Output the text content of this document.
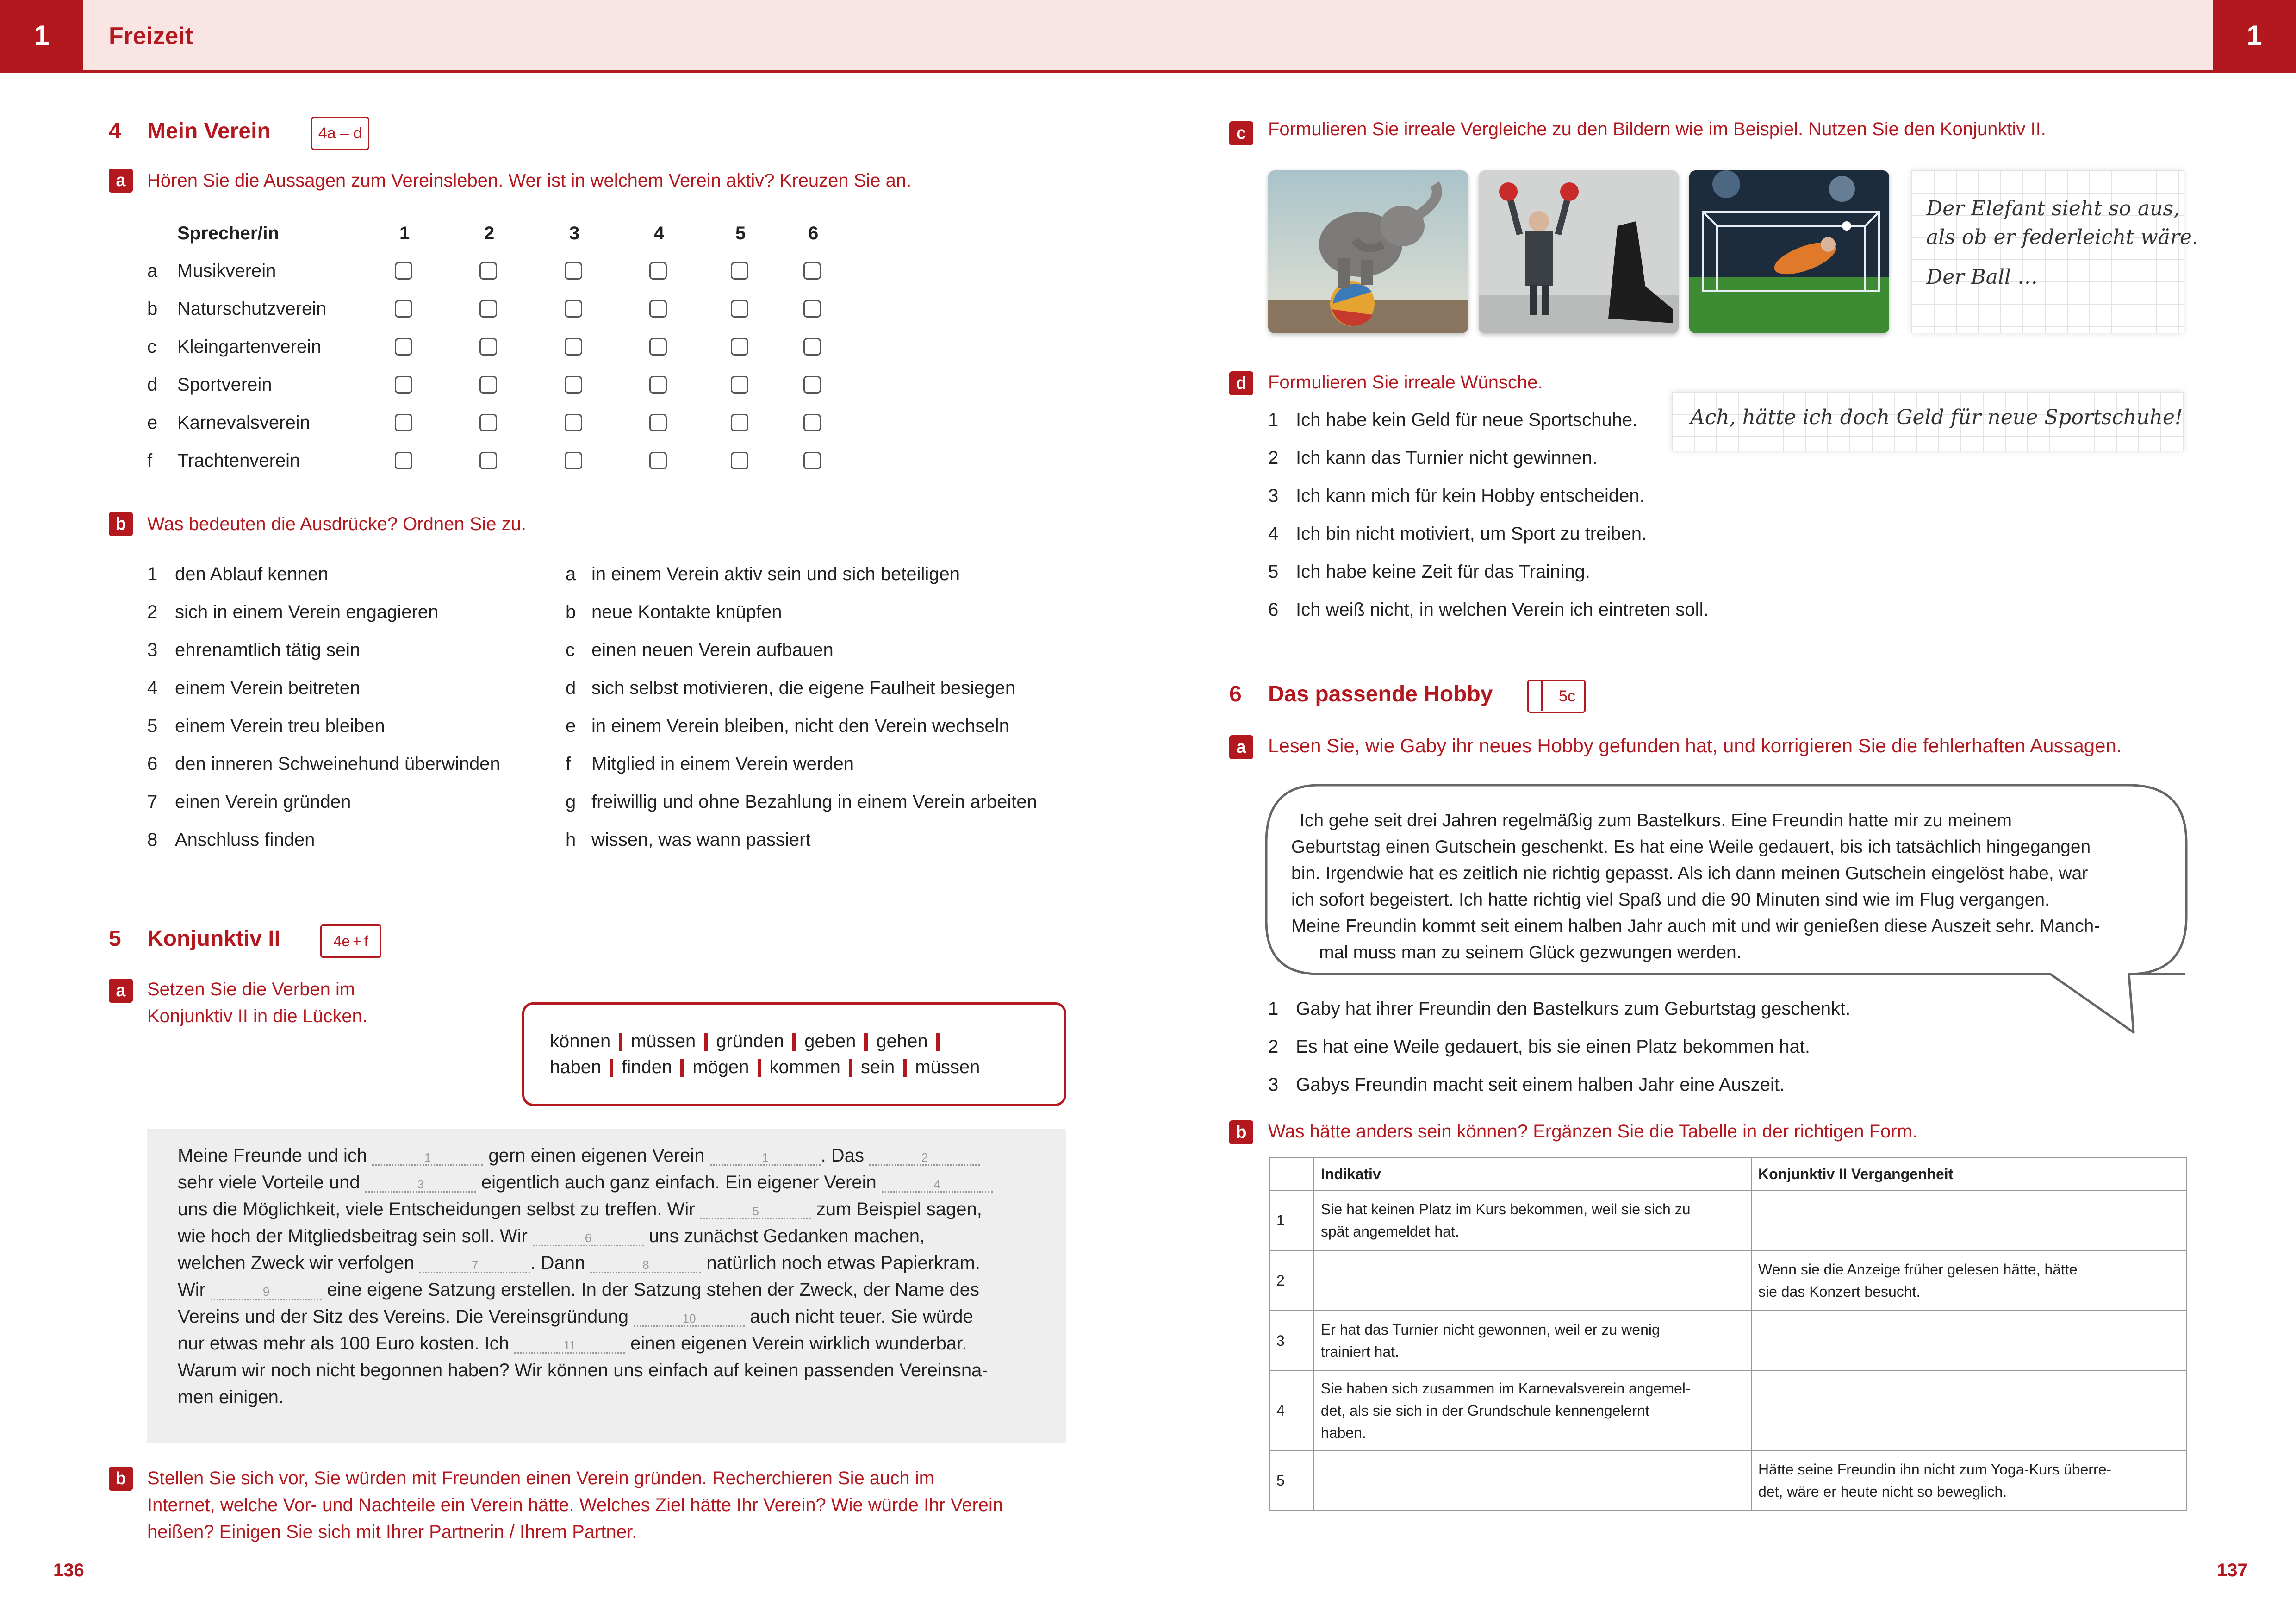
1	Freizeit	1
4 Mein Verein	4a – d
a	Hören Sie die Aussagen zum Vereinsleben. Wer ist in welchem Verein aktiv? Kreuzen Sie an.
Sprecher/in	1	2	3	4	5	6
a Musikverein
b Naturschutzverein
c Kleingartenverein
d Sportverein
e Karnevalsverein
f Trachtenverein
b	Was bedeuten die Ausdrücke? Ordnen Sie zu.
1 den Ablauf kennen
2 sich in einem Verein engagieren
3 ehrenamtlich tätig sein
4 einem Verein beitreten
5 einem Verein treu bleiben
6 den inneren Schweinehund überwinden
7 einen Verein gründen
8 Anschluss finden
a in einem Verein aktiv sein und sich beteiligen
b neue Kontakte knüpfen
c einen neuen Verein aufbauen
d sich selbst motivieren, die eigene Faulheit besiegen
e in einem Verein bleiben, nicht den Verein wechseln
f Mitglied in einem Verein werden
g freiwillig und ohne Bezahlung in einem Verein arbeiten
h wissen, was wann passiert
5 Konjunktiv II	4e + f
a	Setzen Sie die Verben im
Konjunktiv II in die Lücken.
können müssen gründen geben gehen
haben finden mögen kommen sein müssen
Meine Freunde und ich	1	gern einen eigenen Verein	1	. Das	2
sehr viele Vorteile und	3	eigentlich auch ganz einfach. Ein eigener Verein	4
uns die Möglichkeit, viele Entscheidungen selbst zu treffen. Wir	5	zum Beispiel sagen,
wie hoch der Mitgliedsbeitrag sein soll. Wir	6	uns zunächst Gedanken machen,
welchen Zweck wir verfolgen	7	. Dann	8	natürlich noch etwas Papierkram.
Wir	9	eine eigene Satzung erstellen. In der Satzung stehen der Zweck, der Name des
Vereins und der Sitz des Vereins. Die Vereinsgründung	10	auch nicht teuer. Sie würde
nur etwas mehr als 100 Euro kosten. Ich	11	einen eigenen Verein wirklich wunderbar.
Warum wir noch nicht begonnen haben? Wir können uns einfach auf keinen passenden Vereinsna-
men einigen.
b	Stellen Sie sich vor, Sie würden mit Freunden einen Verein gründen. Recherchieren Sie auch im
Internet, welche Vor- und Nachteile ein Verein hätte. Welches Ziel hätte Ihr Verein? Wie würde Ihr Verein
heißen? Einigen Sie sich mit Ihrer Partnerin / Ihrem Partner.
136
c	Formulieren Sie irreale Vergleiche zu den Bildern wie im Beispiel. Nutzen Sie den Konjunktiv II.
Der Elefant sieht so aus,
als ob er federleicht wäre.
Der Ball …
d	Formulieren Sie irreale Wünsche.
1 Ich habe kein Geld für neue Sportschuhe.
2 Ich kann das Turnier nicht gewinnen.
3 Ich kann mich für kein Hobby entscheiden.
4 Ich bin nicht motiviert, um Sport zu treiben.
5 Ich habe keine Zeit für das Training.
6 Ich weiß nicht, in welchen Verein ich eintreten soll.
Ach, hätte ich doch Geld für neue Sportschuhe!
6 Das passende Hobby	5c
a	Lesen Sie, wie Gaby ihr neues Hobby gefunden hat, und korrigieren Sie die fehlerhaften Aussagen.
Ich gehe seit drei Jahren regelmäßig zum Bastelkurs. Eine Freundin hatte mir zu meinem
Geburtstag einen Gutschein geschenkt. Es hat eine Weile gedauert, bis ich tatsächlich hingegangen
bin. Irgendwie hat es zeitlich nie richtig gepasst. Als ich dann meinen Gutschein eingelöst habe, war
ich sofort begeistert. Ich hatte richtig viel Spaß und die 90 Minuten sind wie im Flug vergangen.
Meine Freundin kommt seit einem halben Jahr auch mit und wir genießen diese Auszeit sehr. Manch-
mal muss man zu seinem Glück gezwungen werden.
1 Gaby hat ihrer Freundin den Bastelkurs zum Geburtstag geschenkt.
2 Es hat eine Weile gedauert, bis sie einen Platz bekommen hat.
3 Gabys Freundin macht seit einem halben Jahr eine Auszeit.
b	Was hätte anders sein können? Ergänzen Sie die Tabelle in der richtigen Form.
	Indikativ	Konjunktiv II Vergangenheit
1	Sie hat keinen Platz im Kurs bekommen, weil sie sich zu
spät angemeldet hat.	

2		Wenn sie die Anzeige früher gelesen hätte, hätte
sie das Konzert besucht.

3	Er hat das Turnier nicht gewonnen, weil er zu wenig
trainiert hat.	

4	Sie haben sich zusammen im Karnevalsverein angemel-
det, als sie sich in der Grundschule kennengelernt
haben.	

5		Hätte seine Freundin ihn nicht zum Yoga-Kurs überre-
det, wäre er heute nicht so beweglich.
137
